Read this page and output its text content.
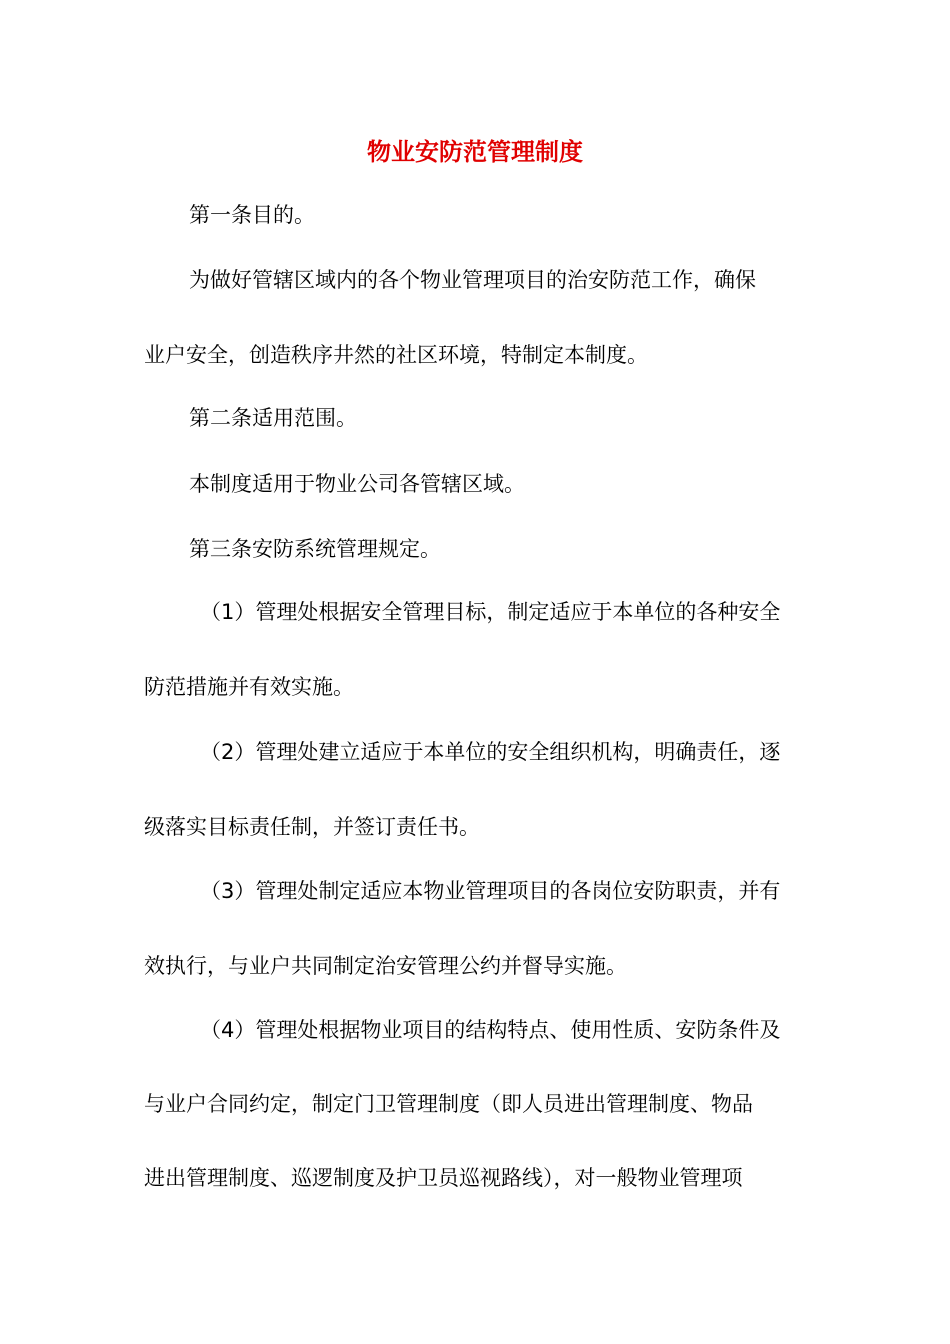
物业安防范管理制度
第一条目的。
为做好管辖区域内的各个物业管理项目的治安防范工作，确保
业户安全，创造秩序井然的社区环境，特制定本制度。
第二条适用范围。
本制度适用于物业公司各管辖区域。
第三条安防系统管理规定。
（1）管理处根据安全管理目标，制定适应于本单位的各种安全
防范措施并有效实施。
（2）管理处建立适应于本单位的安全组织机构，明确责任，逐
级落实目标责任制，并签订责任书。
（3）管理处制定适应本物业管理项目的各岗位安防职责，并有
效执行，与业户共同制定治安管理公约并督导实施。
（4）管理处根据物业项目的结构特点、使用性质、安防条件及
与业户合同约定，制定门卫管理制度（即人员进出管理制度、物品
进出管理制度、巡逻制度及护卫员巡视路线），对一般物业管理项
